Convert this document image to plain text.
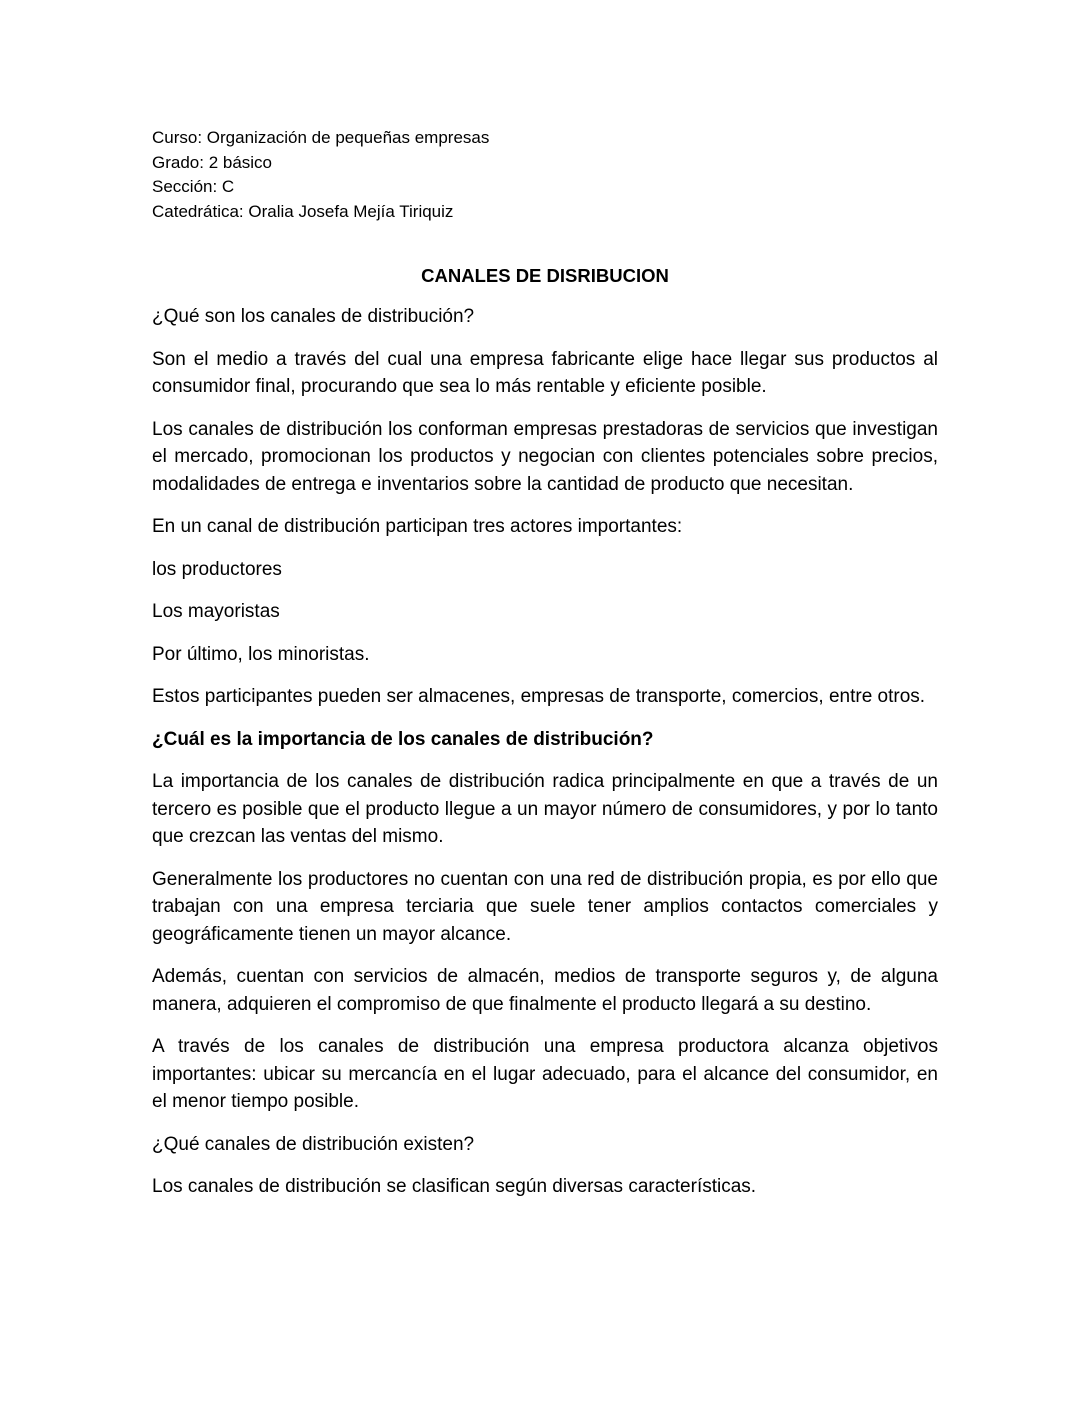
Curso: Organización de pequeñas empresas
Grado: 2 básico
Sección: C
Catedrática: Oralia Josefa Mejía Tiriquiz
CANALES DE DISRIBUCION

¿Qué son los canales de distribución?

Son el medio a través del cual una empresa fabricante elige hace llegar sus productos al consumidor final, procurando que sea lo más rentable y eficiente posible.

Los canales de distribución los conforman empresas prestadoras de servicios que investigan el mercado, promocionan los productos y negocian con clientes potenciales sobre precios, modalidades de entrega e inventarios sobre la cantidad de producto que necesitan.

En un canal de distribución participan tres actores importantes:

los productores

Los mayoristas

Por último, los minoristas.

Estos participantes pueden ser almacenes, empresas de transporte, comercios, entre otros.

¿Cuál es la importancia de los canales de distribución?

La importancia de los canales de distribución radica principalmente en que a través de un tercero es posible que el producto llegue a un mayor número de consumidores, y por lo tanto que crezcan las ventas del mismo.

Generalmente los productores no cuentan con una red de distribución propia, es por ello que trabajan con una empresa terciaria que suele tener amplios contactos comerciales y geográficamente tienen un mayor alcance.

Además, cuentan con servicios de almacén, medios de transporte seguros y, de alguna manera, adquieren el compromiso de que finalmente el producto llegará a su destino.

A través de los canales de distribución una empresa productora alcanza objetivos importantes: ubicar su mercancía en el lugar adecuado, para el alcance del consumidor, en el menor tiempo posible.

¿Qué canales de distribución existen?

Los canales de distribución se clasifican según diversas características.
